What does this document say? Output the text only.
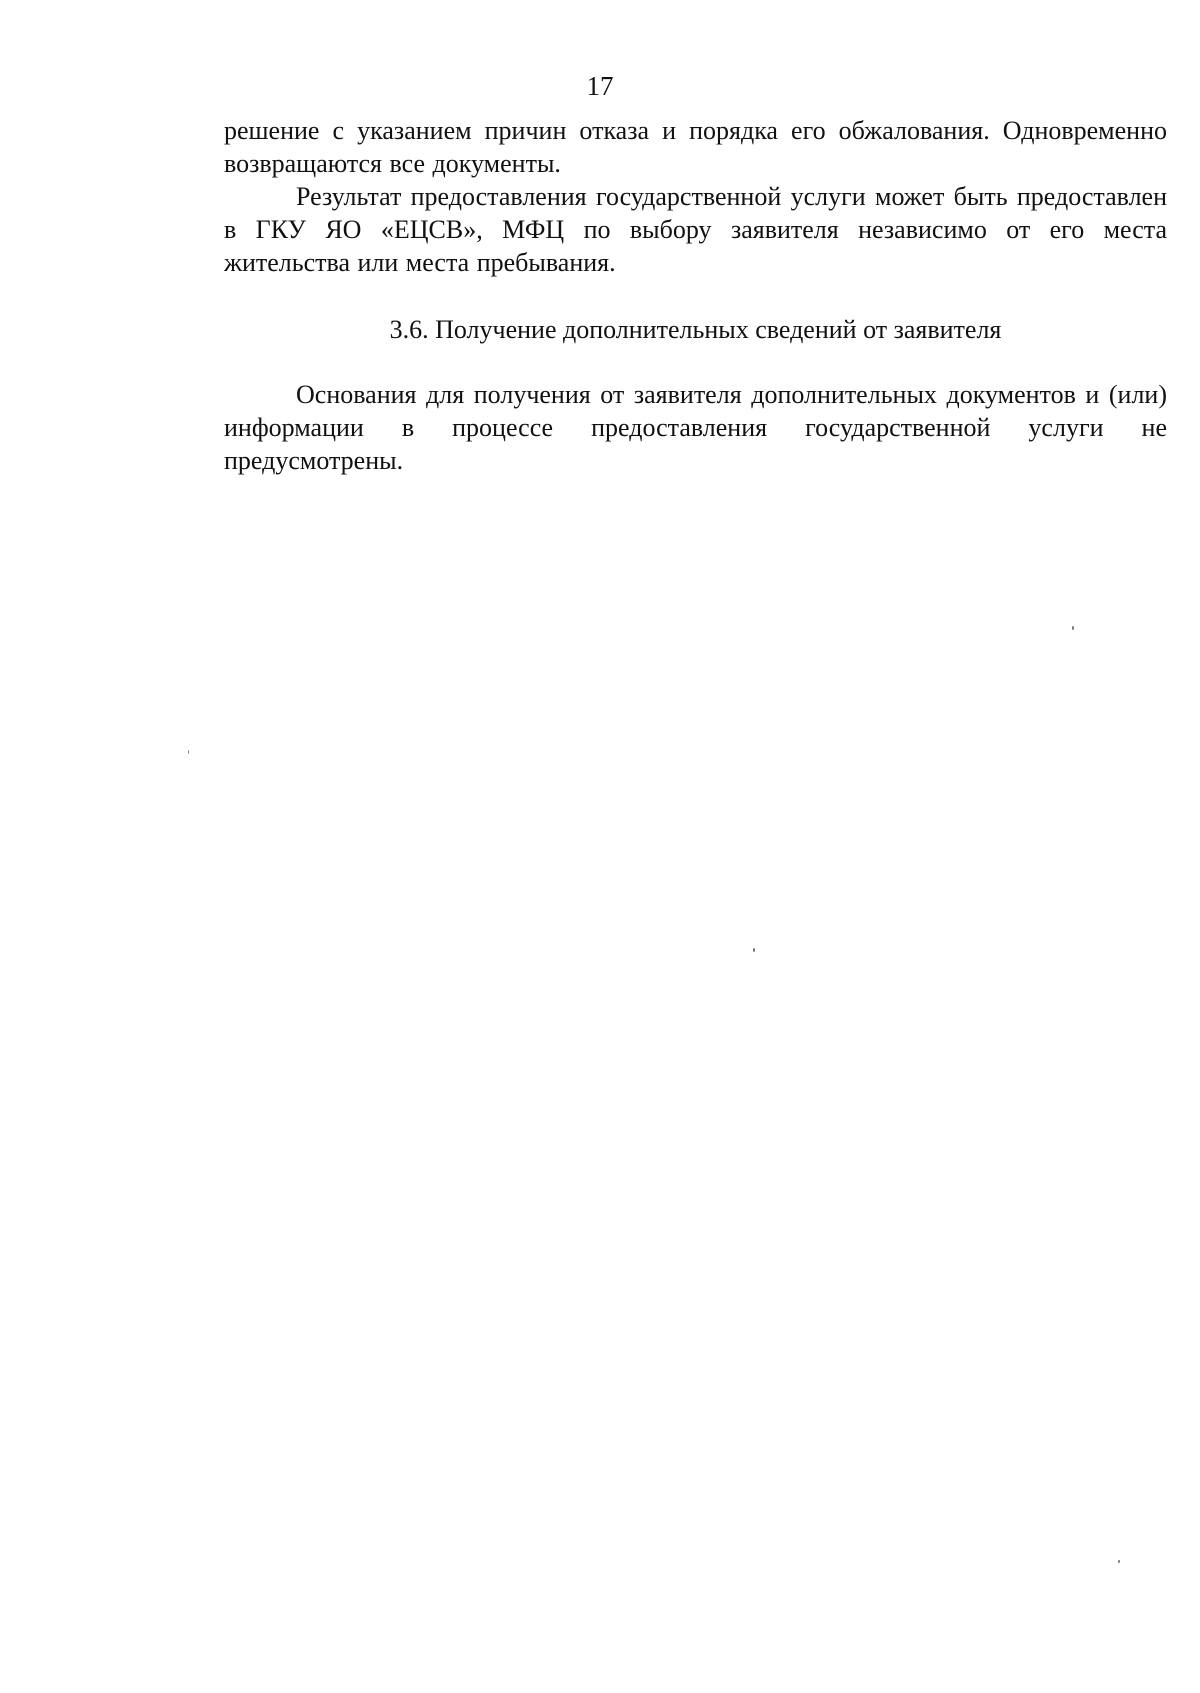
17

решение с указанием причин отказа и порядка его обжалования. Одновременно возвращаются все документы.

Результат предоставления государственной услуги может быть предоставлен в ГКУ ЯО «ЕЦСВ», МФЦ по выбору заявителя независимо от его места жительства или места пребывания.

3.6. Получение дополнительных сведений от заявителя

Основания для получения от заявителя дополнительных документов и (или) информации в процессе предоставления государственной услуги не предусмотрены.
